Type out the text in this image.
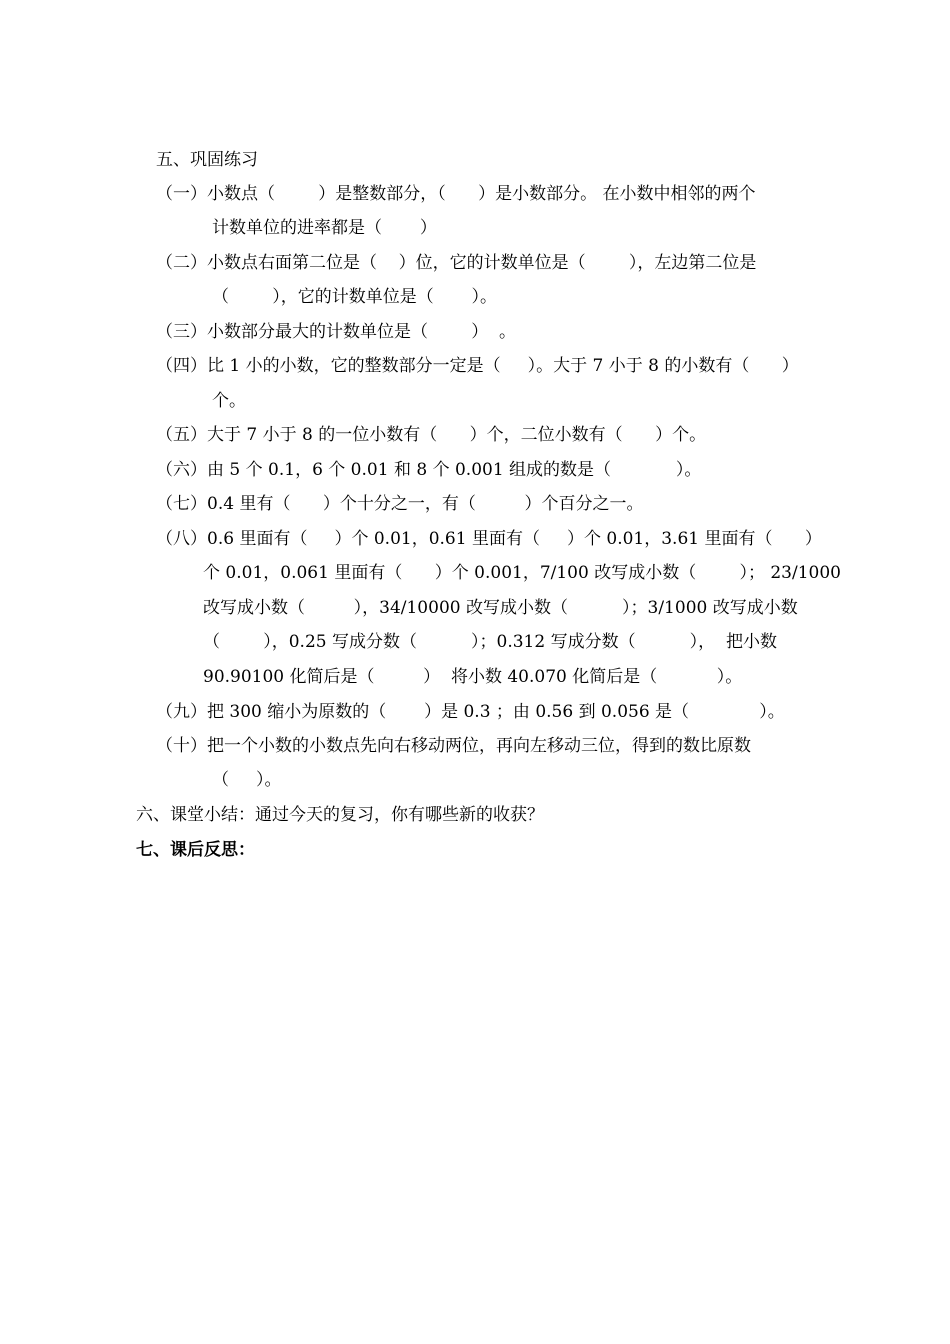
五、巩固练习

（一）小数点（        ）是整数部分，（      ）是小数部分。 在小数中相邻的两个

计数单位的进率都是（       ）

（二）小数点右面第二位是（    ）位，它的计数单位是（        ），左边第二位是

（        ），它的计数单位是（       ）。

（三）小数部分最大的计数单位是（        ）  。

（四）比 1 小的小数，它的整数部分一定是（     ）。大于 7 小于 8 的小数有（      ）

个。

（五）大于 7 小于 8 的一位小数有（      ）个，二位小数有（      ）个。

（六）由 5 个 0.1，6 个 0.01 和 8 个 0.001 组成的数是（            ）。

（七）0.4 里有（      ）个十分之一，有（         ）个百分之一。

（八）0.6 里面有（     ）个 0.01，0.61 里面有（     ）个 0.01，3.61 里面有（      ）

个 0.01，0.061 里面有（      ）个 0.001，7/100 改写成小数（        ）； 23/1000

改写成小数（         ），34/10000 改写成小数（          ）；3/1000 改写成小数

（        ），0.25 写成分数（          ）；0.312 写成分数（          ），  把小数

90.90100 化简后是（         ）  将小数 40.070 化简后是（           ）。

（九）把 300 缩小为原数的（       ）是 0.3 ；由 0.56 到 0.056 是（             ）。

（十）把一个小数的小数点先向右移动两位，再向左移动三位，得到的数比原数

（     ）。

六、课堂小结：通过今天的复习，你有哪些新的收获？

七、课后反思：
